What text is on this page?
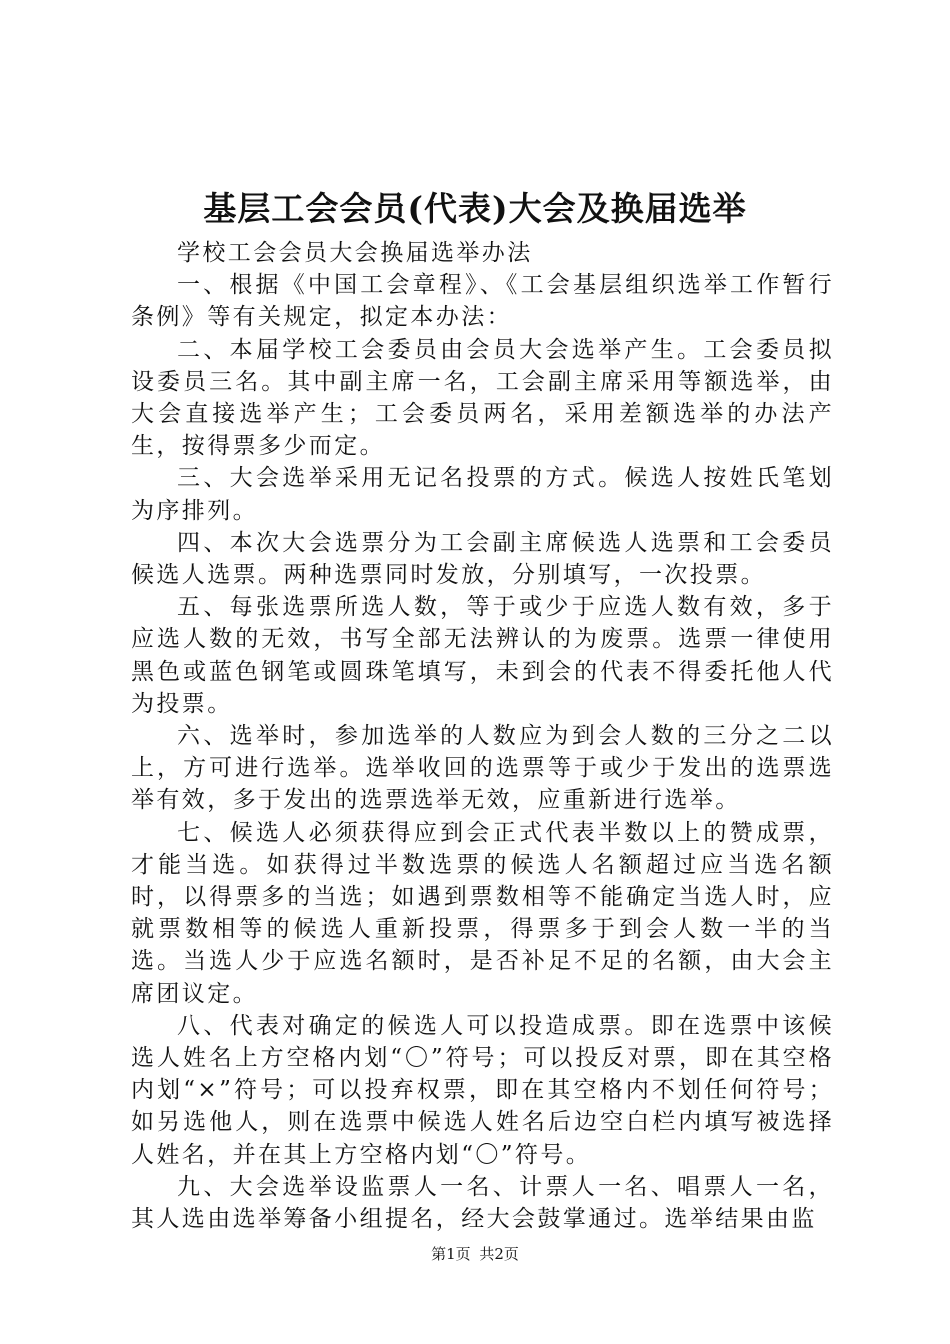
基层工会会员(代表)大会及换届选举

学校工会会员大会换届选举办法

一、根据《中国工会章程》、《工会基层组织选举工作暂行条例》等有关规定，拟定本办法：

二、本届学校工会委员由会员大会选举产生。工会委员拟设委员三名。其中副主席一名，工会副主席采用等额选举，由大会直接选举产生；工会委员两名，采用差额选举的办法产生，按得票多少而定。

三、大会选举采用无记名投票的方式。候选人按姓氏笔划为序排列。

四、本次大会选票分为工会副主席候选人选票和工会委员候选人选票。两种选票同时发放，分别填写，一次投票。

五、每张选票所选人数，等于或少于应选人数有效，多于应选人数的无效，书写全部无法辨认的为废票。选票一律使用黑色或蓝色钢笔或圆珠笔填写，未到会的代表不得委托他人代为投票。

六、选举时，参加选举的人数应为到会人数的三分之二以上，方可进行选举。选举收回的选票等于或少于发出的选票选举有效，多于发出的选票选举无效，应重新进行选举。

七、候选人必须获得应到会正式代表半数以上的赞成票，才能当选。如获得过半数选票的候选人名额超过应当选名额时，以得票多的当选；如遇到票数相等不能确定当选人时，应就票数相等的候选人重新投票，得票多于到会人数一半的当选。当选人少于应选名额时，是否补足不足的名额，由大会主席团议定。

八、代表对确定的候选人可以投造成票。即在选票中该候选人姓名上方空格内划“〇”符号；可以投反对票，即在其空格内划“×”符号；可以投弃权票，即在其空格内不划任何符号；如另选他人，则在选票中候选人姓名后边空白栏内填写被选择人姓名，并在其上方空格内划“〇”符号。

九、大会选举设监票人一名、计票人一名、唱票人一名，其人选由选举筹备小组提名，经大会鼓掌通过。选举结果由监

第1页 共2页
